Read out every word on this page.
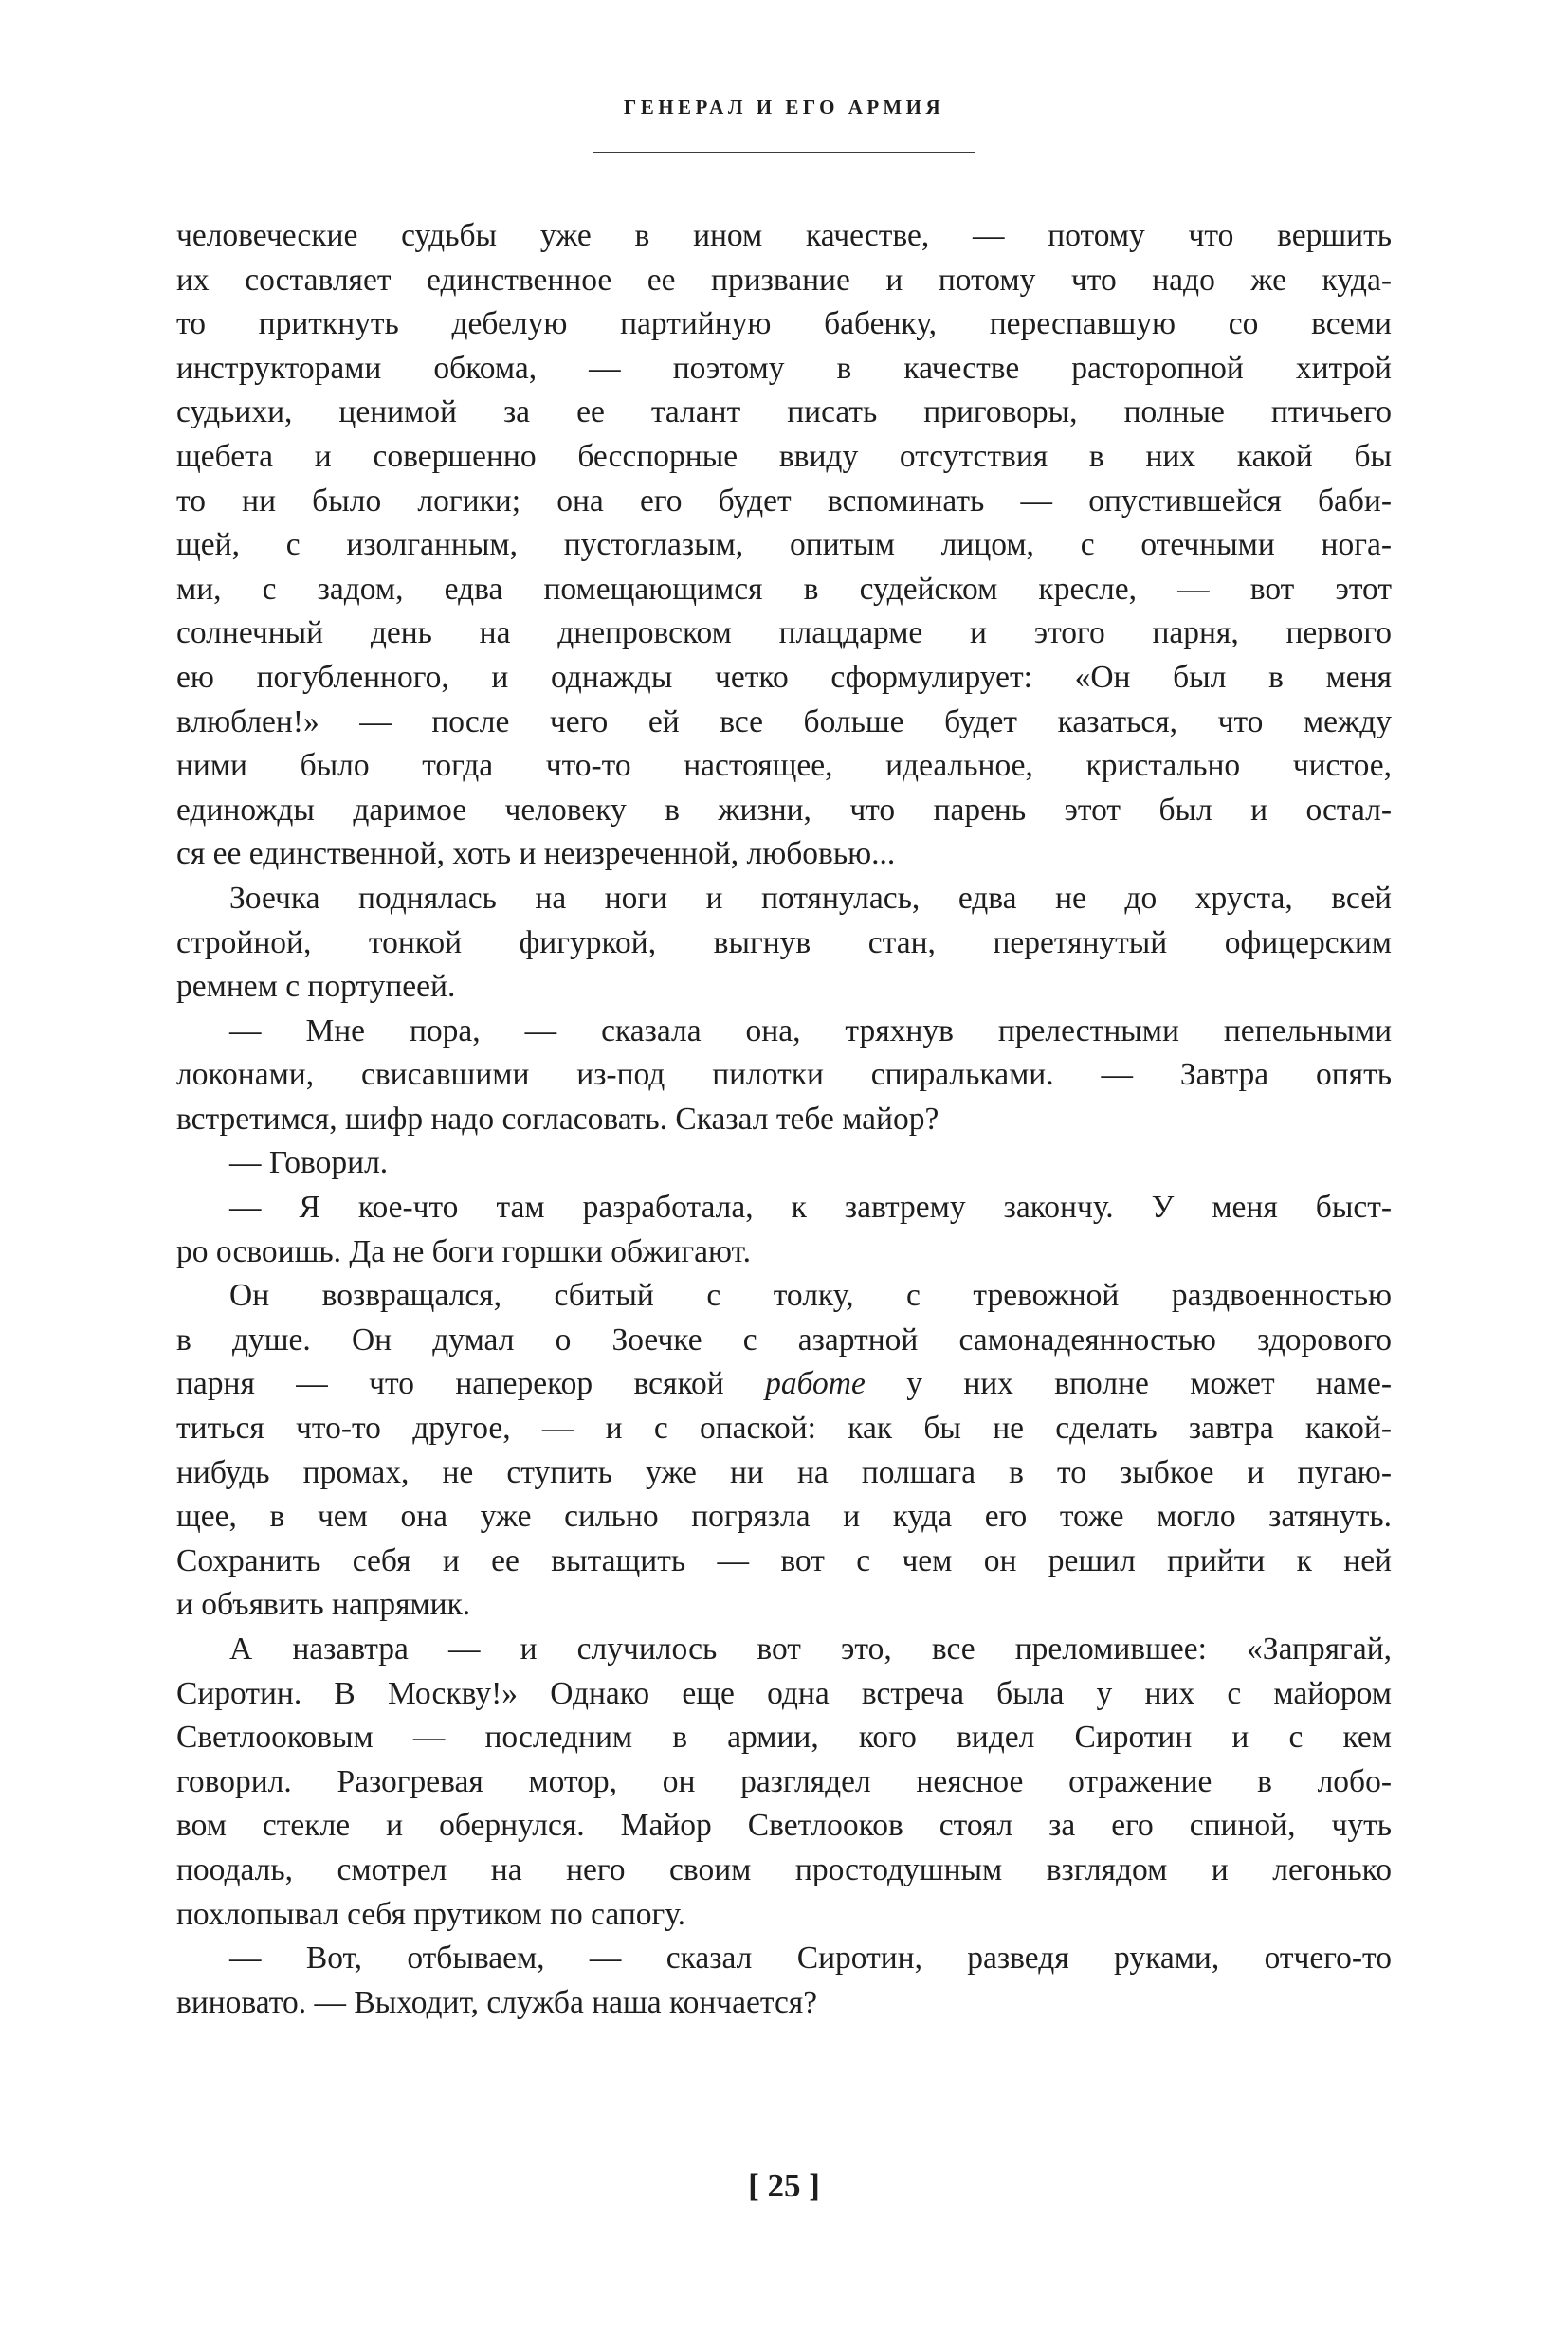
ГЕНЕРАЛ И ЕГО АРМИЯ
человеческие судьбы уже в ином качестве, — потому что вершить
их составляет единственное ее призвание и потому что надо же куда-
то приткнуть дебелую партийную бабенку, переспавшую со всеми
инструкторами обкома, — поэтому в качестве расторопной хитрой
судьихи, ценимой за ее талант писать приговоры, полные птичьего
щебета и совершенно бесспорные ввиду отсутствия в них какой бы
то ни было логики; она его будет вспоминать — опустившейся баби-
щей, с изолганным, пустоглазым, опитым лицом, с отечными нога-
ми, с задом, едва помещающимся в судейском кресле, — вот этот
солнечный день на днепровском плацдарме и этого парня, первого
ею погубленного, и однажды четко сформулирует: «Он был в меня
влюблен!» — после чего ей все больше будет казаться, что между
ними было тогда что-то настоящее, идеальное, кристально чистое,
единожды даримое человеку в жизни, что парень этот был и остал-
ся ее единственной, хоть и неизреченной, любовью...
Зоечка поднялась на ноги и потянулась, едва не до хруста, всей
стройной, тонкой фигуркой, выгнув стан, перетянутый офицерским
ремнем с портупеей.
— Мне пора, — сказала она, тряхнув прелестными пепельными
локонами, свисавшими из-под пилотки спиральками. — Завтра опять
встретимся, шифр надо согласовать. Сказал тебе майор?
— Говорил.
— Я кое-что там разработала, к завтрему закончу. У меня быст-
ро освоишь. Да не боги горшки обжигают.
Он возвращался, сбитый с толку, с тревожной раздвоенностью
в душе. Он думал о Зоечке с азартной самонадеянностью здорового
парня — что наперекор всякой работе у них вполне может наме-
титься что-то другое, — и с опаской: как бы не сделать завтра какой-
нибудь промах, не ступить уже ни на полшага в то зыбкое и пугаю-
щее, в чем она уже сильно погрязла и куда его тоже могло затянуть.
Сохранить себя и ее вытащить — вот с чем он решил прийти к ней
и объявить напрямик.
А назавтра — и случилось вот это, все преломившее: «Запрягай,
Сиротин. В Москву!» Однако еще одна встреча была у них с майором
Светлооковым — последним в армии, кого видел Сиротин и с кем
говорил. Разогревая мотор, он разглядел неясное отражение в лобо-
вом стекле и обернулся. Майор Светлооков стоял за его спиной, чуть
поодаль, смотрел на него своим простодушным взглядом и легонько
похлопывал себя прутиком по сапогу.
— Вот, отбываем, — сказал Сиротин, разведя руками, отчего-то
виновато. — Выходит, служба наша кончается?
[ 25 ]
